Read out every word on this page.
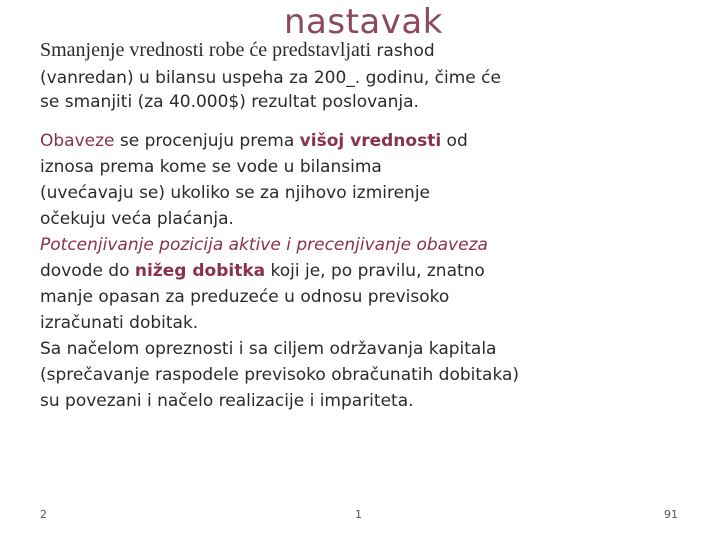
nastavak
Smanjenje vrednosti robe će predstavljati rashod
(vanredan) u bilansu uspeha za 200_. godinu, čime će
se smanjiti (za 40.000$) rezultat poslovanja.
Obaveze se procenjuju prema višoj vrednosti od
iznosa prema kome se vode u bilansima
(uvećavaju se) ukoliko se za njihovo izmirenje
očekuju veća plaćanja.
Potcenjivanje pozicija aktive i precenjivanje obaveza
dovode do nižeg dobitka koji je, po pravilu, znatno
manje opasan za preduzeće u odnosu previsoko
izračunati dobitak.
Sa načelom opreznosti i sa ciljem održavanja kapitala
(sprečavanje raspodele previsoko obračunatih dobitaka)
su povezani i načelo realizacije i impariteta.
2	1	91
